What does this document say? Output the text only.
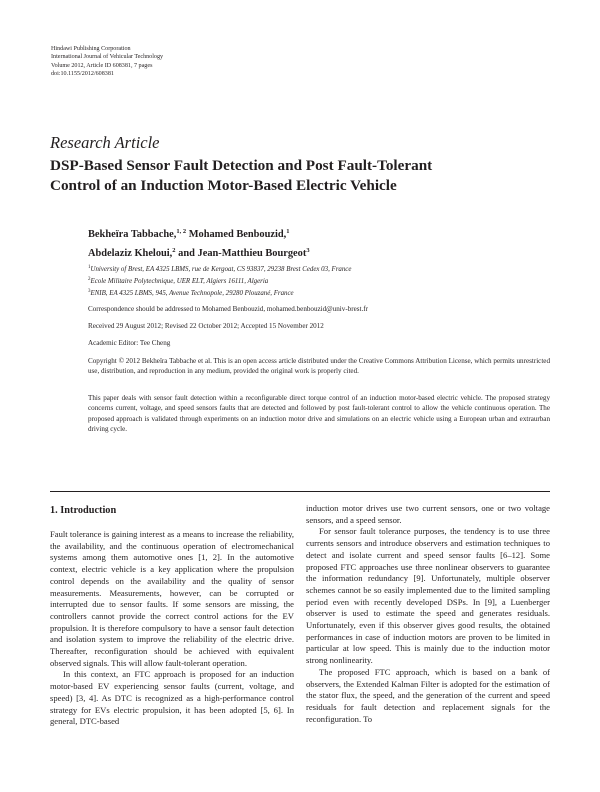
Hindawi Publishing Corporation
International Journal of Vehicular Technology
Volume 2012, Article ID 608381, 7 pages
doi:10.1155/2012/608381
Research Article
DSP-Based Sensor Fault Detection and Post Fault-Tolerant
Control of an Induction Motor-Based Electric Vehicle
Bekheïra Tabbache,$^{1, 2}$ Mohamed Benbouzid,$^1$
Abdelaziz Kheloui,$^2$ and Jean-Matthieu Bourgeot$^3$
$^1$University of Brest, EA 4325 LBMS, rue de Kergoat, CS 93837, 29238 Brest Cedex 03, France
$^2$Ecole Militaire Polytechnique, UER ELT, Algiers 16111, Algeria
$^3$ENIB, EA 4325 LBMS, 945, Avenue Technopole, 29280 Plouzané, France
Correspondence should be addressed to Mohamed Benbouzid, mohamed.benbouzid@univ-brest.fr
Received 29 August 2012; Revised 22 October 2012; Accepted 15 November 2012
Academic Editor: Tee Cheng
Copyright © 2012 Bekheïra Tabbache et al. This is an open access article distributed under the Creative Commons Attribution License, which permits unrestricted use, distribution, and reproduction in any medium, provided the original work is properly cited.
This paper deals with sensor fault detection within a reconfigurable direct torque control of an induction motor-based electric vehicle. The proposed strategy concerns current, voltage, and speed sensors faults that are detected and followed by post fault-tolerant control to allow the vehicle continuous operation. The proposed approach is validated through experiments on an induction motor drive and simulations on an electric vehicle using a European urban and extraurban driving cycle.
1. Introduction

Fault tolerance is gaining interest as a means to increase the reliability, the availability, and the continuous operation of electromechanical systems among them automotive ones [1, 2]. In the automotive context, electric vehicle is a key application where the propulsion control depends on the availability and the quality of sensor measurements. Measurements, however, can be corrupted or interrupted due to sensor faults. If some sensors are missing, the controllers cannot provide the correct control actions for the EV propulsion. It is therefore compulsory to have a sensor fault detection and isolation system to improve the reliability of the electric drive. Thereafter, reconfiguration should be achieved with equivalent observed signals. This will allow fault-tolerant operation.

In this context, an FTC approach is proposed for an induction motor-based EV experiencing sensor faults (current, voltage, and speed) [3, 4]. As DTC is recognized as a high-performance control strategy for EVs electric propulsion, it has been adopted [5, 6]. In general, DTC-based

induction motor drives use two current sensors, one or two voltage sensors, and a speed sensor.

For sensor fault tolerance purposes, the tendency is to use three currents sensors and introduce observers and estimation techniques to detect and isolate current and speed sensor faults [6–12]. Some proposed FTC approaches use three nonlinear observers to guarantee the information redundancy [9]. Unfortunately, multiple observer schemes cannot be so easily implemented due to the limited sampling period even with recently developed DSPs. In [9], a Luenberger observer is used to estimate the speed and generates residuals. Unfortunately, even if this observer gives good results, the obtained performances in case of induction motors are proven to be limited in particular at low speed. This is mainly due to the induction motor strong nonlinearity.

The proposed FTC approach, which is based on a bank of observers, the Extended Kalman Filter is adopted for the estimation of the stator flux, the speed, and the generation of the current and speed residuals for fault detection and replacement signals for the reconfiguration. To
